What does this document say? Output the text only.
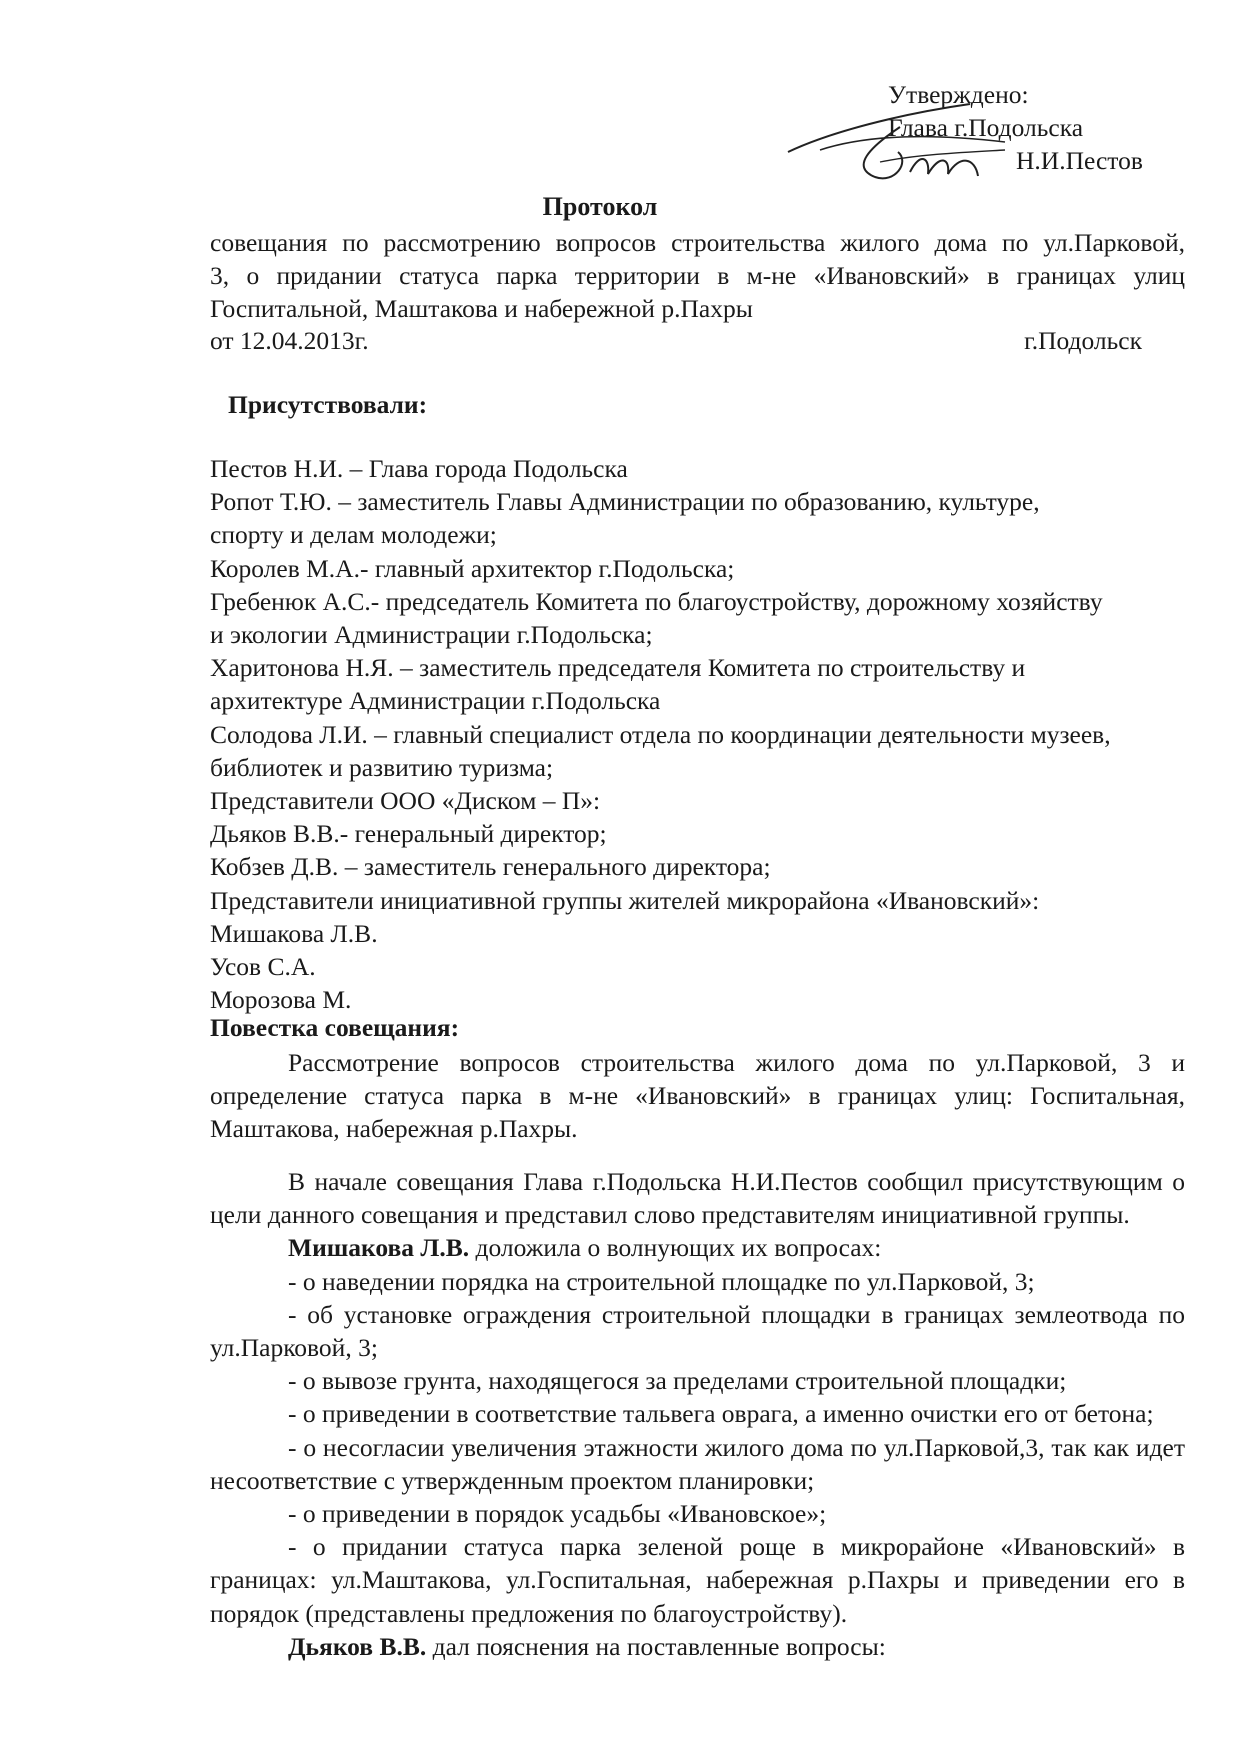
Утверждено:
Глава г.Подольска
Н.И.Пестов
Протокол
совещания по рассмотрению вопросов строительства жилого дома по ул.Парковой,
3, о придании статуса парка территории в м-не «Ивановский» в границах улиц
Госпитальной, Маштакова и набережной р.Пахры
от 12.04.2013г.	г.Подольск
Присутствовали:
Пестов Н.И. – Глава города Подольска
Ропот Т.Ю. – заместитель Главы Администрации по образованию, культуре,
спорту и делам молодежи;
Королев М.А.- главный архитектор г.Подольска;
Гребенюк А.С.- председатель Комитета по благоустройству, дорожному хозяйству
и экологии Администрации г.Подольска;
Харитонова Н.Я. – заместитель председателя Комитета по строительству и
архитектуре Администрации г.Подольска
Солодова Л.И. – главный специалист отдела по координации деятельности музеев,
библиотек и развитию туризма;
Представители ООО «Диском – П»:
Дьяков В.В.- генеральный директор;
Кобзев Д.В. – заместитель генерального директора;
Представители инициативной группы жителей микрорайона «Ивановский»:
Мишакова Л.В.
Усов С.А.
Морозова М.
Повестка совещания:
Рассмотрение вопросов строительства жилого дома по ул.Парковой, 3 и определение статуса парка в м-не «Ивановский» в границах улиц: Госпитальная, Маштакова, набережная р.Пахры.
В начале совещания Глава г.Подольска Н.И.Пестов сообщил присутствующим о цели данного совещания и представил слово представителям инициативной группы.
Мишакова Л.В. доложила о волнующих их вопросах:
- о наведении порядка на строительной площадке по ул.Парковой, 3;
- об установке ограждения строительной площадки в границах землеотвода по ул.Парковой, 3;
- о вывозе грунта, находящегося за пределами строительной площадки;
- о приведении в соответствие тальвега оврага, а именно очистки его от бетона;
- о несогласии увеличения этажности жилого дома по ул.Парковой,3, так как идет несоответствие с утвержденным проектом планировки;
- о приведении в порядок усадьбы «Ивановское»;
- о придании статуса парка зеленой роще в микрорайоне «Ивановский» в границах: ул.Маштакова, ул.Госпитальная, набережная р.Пахры и приведении его в порядок (представлены предложения по благоустройству).
Дьяков В.В. дал пояснения на поставленные вопросы:
